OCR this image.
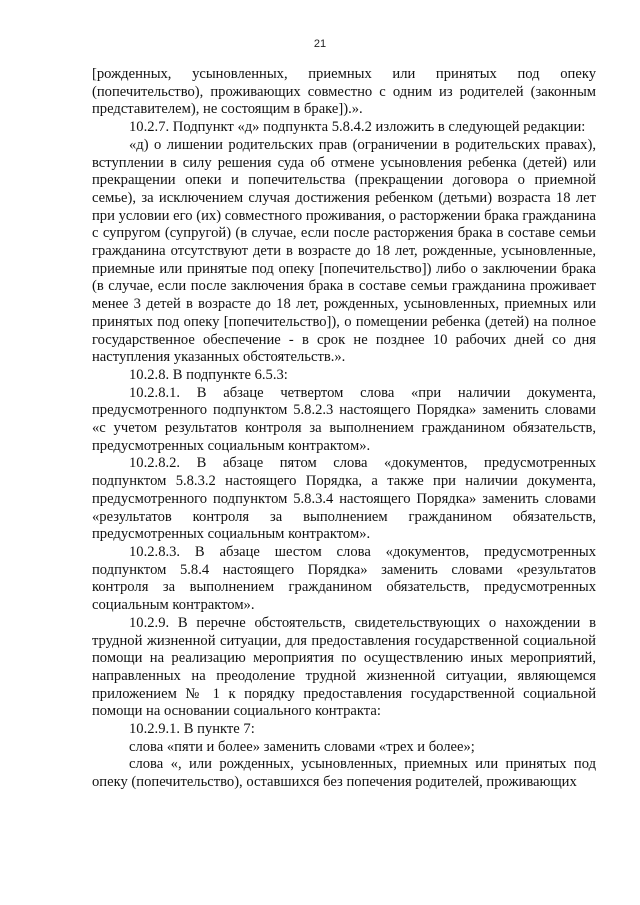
21

[рожденных, усыновленных, приемных или принятых под опеку (попечительство), проживающих совместно с одним из родителей (законным представителем), не состоящим в браке]).».

10.2.7. Подпункт «д» подпункта 5.8.4.2 изложить в следующей редакции:

«д) о лишении родительских прав (ограничении в родительских правах), вступлении в силу решения суда об отмене усыновления ребенка (детей) или прекращении опеки и попечительства (прекращении договора о приемной семье), за исключением случая достижения ребенком (детьми) возраста 18 лет при условии его (их) совместного проживания, о расторжении брака гражданина с супругом (супругой) (в случае, если после расторжения брака в составе семьи гражданина отсутствуют дети в возрасте до 18 лет, рожденные, усыновленные, приемные или принятые под опеку [попечительство]) либо о заключении брака (в случае, если после заключения брака в составе семьи гражданина проживает менее 3 детей в возрасте до 18 лет, рожденных, усыновленных, приемных или принятых под опеку [попечительство]), о помещении ребенка (детей) на полное государственное обеспечение - в срок не позднее 10 рабочих дней со дня наступления указанных обстоятельств.».

10.2.8. В подпункте 6.5.3:

10.2.8.1. В абзаце четвертом слова «при наличии документа, предусмотренного подпунктом 5.8.2.3 настоящего Порядка» заменить словами «с учетом результатов контроля за выполнением гражданином обязательств, предусмотренных социальным контрактом».

10.2.8.2. В абзаце пятом слова «документов, предусмотренных подпунктом 5.8.3.2 настоящего Порядка, а также при наличии документа, предусмотренного подпунктом 5.8.3.4 настоящего Порядка» заменить словами «результатов контроля за выполнением гражданином обязательств, предусмотренных социальным контрактом».

10.2.8.3. В абзаце шестом слова «документов, предусмотренных подпунктом 5.8.4 настоящего Порядка» заменить словами «результатов контроля за выполнением гражданином обязательств, предусмотренных социальным контрактом».

10.2.9. В перечне обстоятельств, свидетельствующих о нахождении в трудной жизненной ситуации, для предоставления государственной социальной помощи на реализацию мероприятия по осуществлению иных мероприятий, направленных на преодоление трудной жизненной ситуации, являющемся приложением № 1 к порядку предоставления государственной социальной помощи на основании социального контракта:

10.2.9.1. В пункте 7:

слова «пяти и более» заменить словами «трех и более»;

слова «, или рожденных, усыновленных, приемных или принятых под опеку (попечительство), оставшихся без попечения родителей, проживающих
